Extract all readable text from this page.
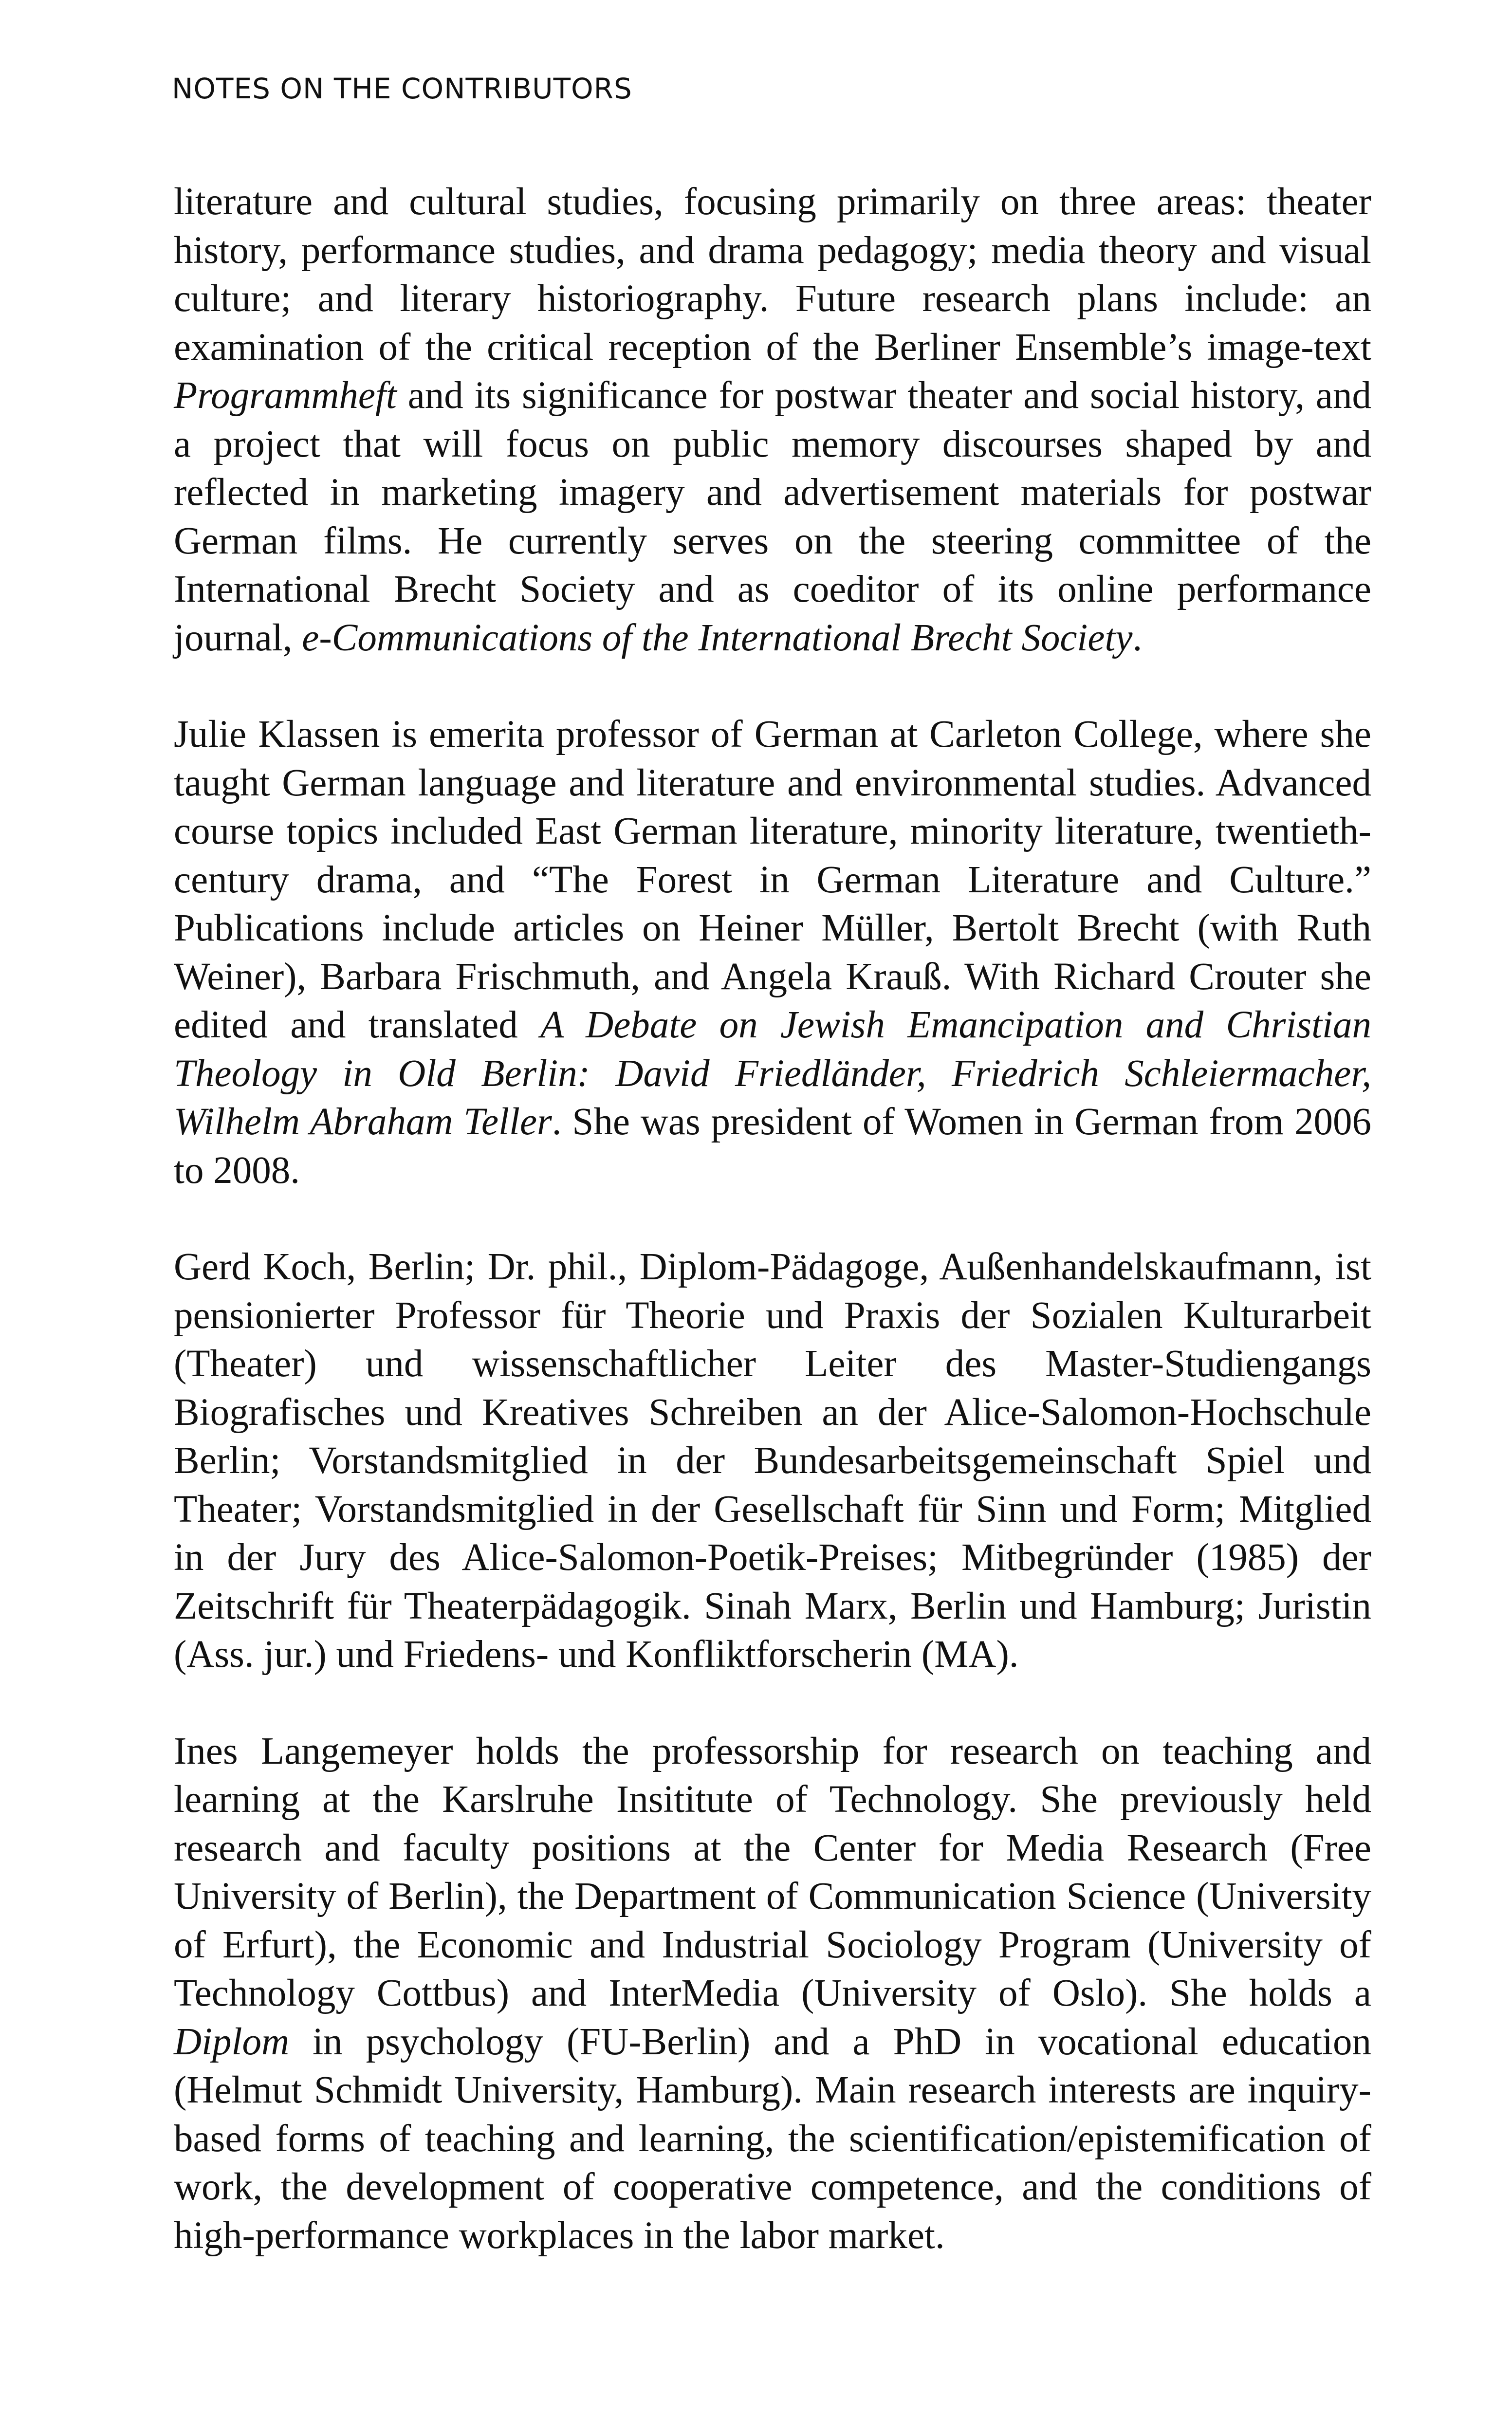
NOTES ON THE CONTRIBUTORS

literature and cultural studies, focusing primarily on three areas: theater history, performance studies, and drama pedagogy; media theory and visual culture; and literary historiography. Future research plans include: an examination of the critical reception of the Berliner Ensemble’s image-text Programmheft and its significance for postwar theater and social history, and a project that will focus on public memory discourses shaped by and reflected in marketing imagery and advertisement materials for postwar German films. He currently serves on the steering committee of the International Brecht Society and as coeditor of its online performance journal, e-Communications of the International Brecht Society.

Julie Klassen is emerita professor of German at Carleton College, where she taught German language and literature and environmental studies. Advanced course topics included East German literature, minority literature, twentieth-century drama, and “The Forest in German Literature and Culture.” Publications include articles on Heiner Müller, Bertolt Brecht (with Ruth Weiner), Barbara Frischmuth, and Angela Krauß. With Richard Crouter she edited and translated A Debate on Jewish Emancipation and Christian Theology in Old Berlin: David Friedländer, Friedrich Schleiermacher, Wilhelm Abraham Teller. She was president of Women in German from 2006 to 2008.

Gerd Koch, Berlin; Dr. phil., Diplom-Pädagoge, Außenhandelskaufmann, ist pensionierter Professor für Theorie und Praxis der Sozialen Kulturarbeit (Theater) und wissenschaftlicher Leiter des Master-Studiengangs Biografisches und Kreatives Schreiben an der Alice-Salomon-Hochschule Berlin; Vorstandsmitglied in der Bundesarbeitsgemeinschaft Spiel und Theater; Vorstandsmitglied in der Gesellschaft für Sinn und Form; Mitglied in der Jury des Alice-Salomon-Poetik-Preises; Mitbegründer (1985) der Zeitschrift für Theaterpädagogik. Sinah Marx, Berlin und Hamburg; Juristin (Ass. jur.) und Friedens- und Konfliktforscherin (MA).

Ines Langemeyer holds the professorship for research on teaching and learning at the Karslruhe Insititute of Technology. She previously held research and faculty positions at the Center for Media Research (Free University of Berlin), the Department of Communication Science (University of Erfurt), the Economic and Industrial Sociology Program (University of Technology Cottbus) and InterMedia (University of Oslo). She holds a Diplom in psychology (FU-Berlin) and a PhD in vocational education (Helmut Schmidt University, Hamburg). Main research interests are inquiry-based forms of teaching and learning, the scientification/epistemification of work, the development of cooperative competence, and the conditions of high-performance workplaces in the labor market.
